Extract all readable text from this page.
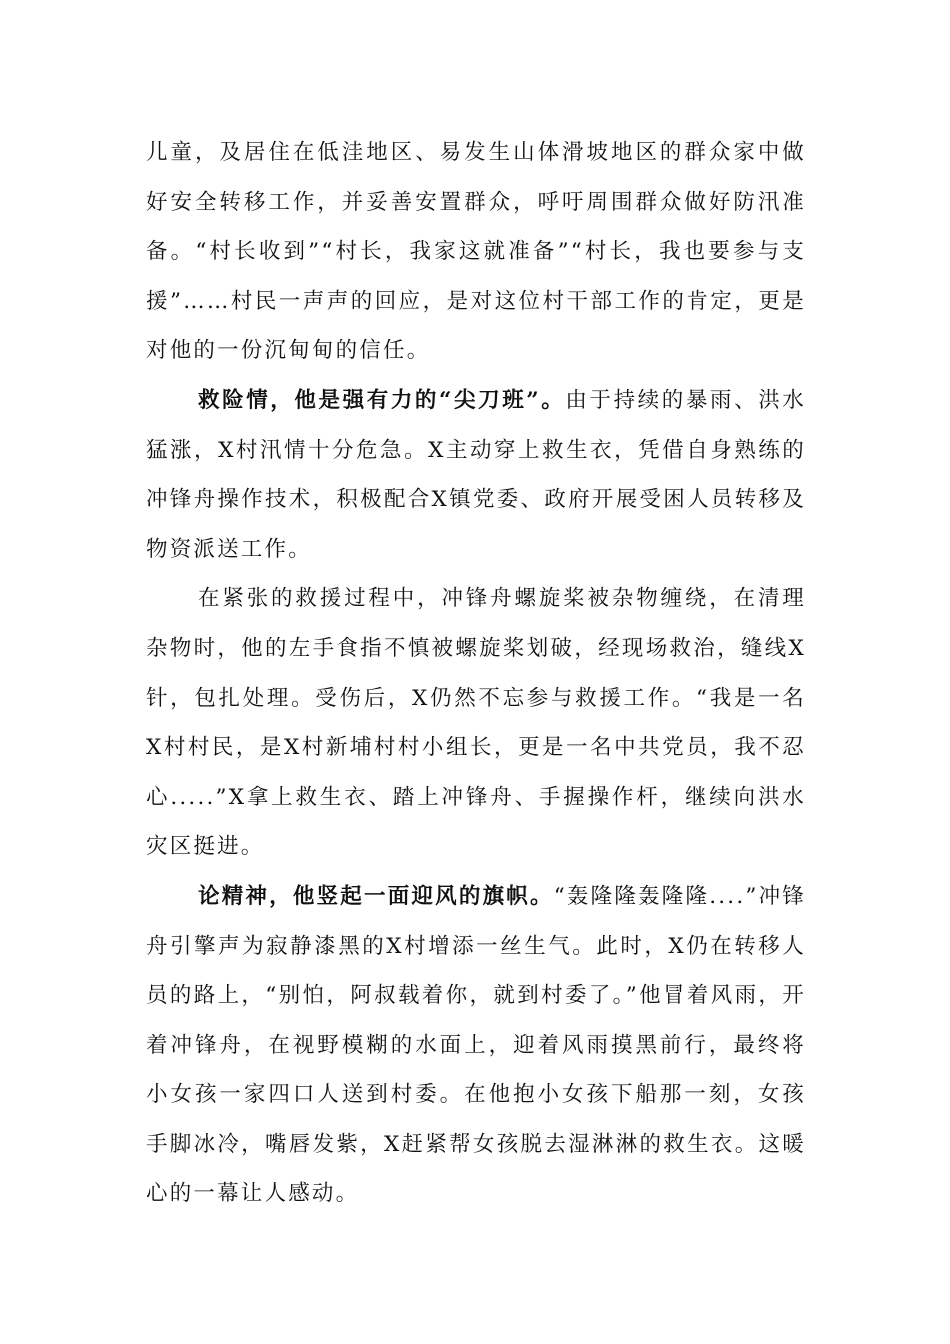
儿童，及居住在低洼地区、易发生山体滑坡地区的群众家中做好安全转移工作，并妥善安置群众，呼吁周围群众做好防汛准备。“村长收到”“村长，我家这就准备”“村长，我也要参与支援”……村民一声声的回应，是对这位村干部工作的肯定，更是对他的一份沉甸甸的信任。

救险情，他是强有力的“尖刀班”。由于持续的暴雨、洪水猛涨，X村汛情十分危急。X主动穿上救生衣，凭借自身熟练的冲锋舟操作技术，积极配合X镇党委、政府开展受困人员转移及物资派送工作。

在紧张的救援过程中，冲锋舟螺旋桨被杂物缠绕，在清理杂物时，他的左手食指不慎被螺旋桨划破，经现场救治，缝线X针，包扎处理。受伤后，X仍然不忘参与救援工作。“我是一名X村村民，是X村新埔村村小组长，更是一名中共党员，我不忍心.....”X拿上救生衣、踏上冲锋舟、手握操作杆，继续向洪水灾区挺进。

论精神，他竖起一面迎风的旗帜。“轰隆隆轰隆隆....”冲锋舟引擎声为寂静漆黑的X村增添一丝生气。此时，X仍在转移人员的路上，“别怕，阿叔载着你，就到村委了。”他冒着风雨，开着冲锋舟，在视野模糊的水面上，迎着风雨摸黑前行，最终将小女孩一家四口人送到村委。在他抱小女孩下船那一刻，女孩手脚冰冷，嘴唇发紫，X赶紧帮女孩脱去湿淋淋的救生衣。这暖心的一幕让人感动。
